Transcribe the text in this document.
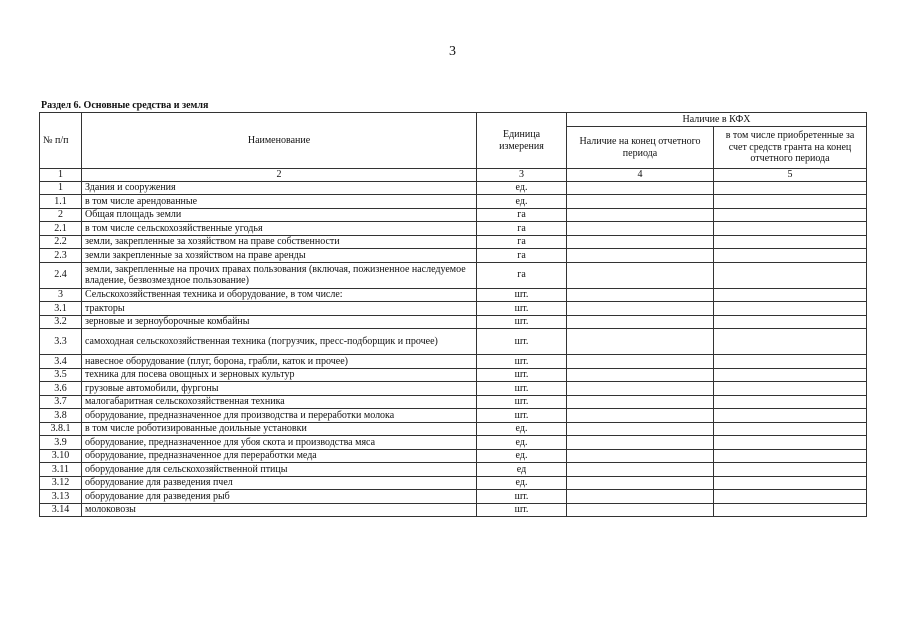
3
Раздел 6. Основные средства и земля
№ п/п	Наименование	Единица измерения	Наличие в КФХ	
			Наличие на конец отчетного периода	в том числе приобретенные за счет средств гранта на конец отчетного периода
1	2	3	4	5
1	Здания и сооружения	ед.		
1.1	в том числе арендованные	ед.		
2	Общая площадь земли	га		
2.1	в том числе сельскохозяйственные угодья	га		
2.2	земли, закрепленные за хозяйством на праве собственности	га		
2.3	земли закрепленные за хозяйством на праве аренды	га		
2.4	земли, закрепленные на прочих правах пользования (включая, пожизненное наследуемое владение, безвозмездное пользование)	га		
3	Сельскохозяйственная техника и оборудование, в том числе:	шт.		
3.1	тракторы	шт.		
3.2	зерновые и зерноуборочные комбайны	шт.		
3.3	самоходная сельскохозяйственная техника (погрузчик, пресс-подборщик и прочее)	шт.		
3.4	навесное оборудование (плуг, борона, грабли, каток и прочее)	шт.		
3.5	техника для посева овощных и зерновых культур	шт.		
3.6	грузовые автомобили, фургоны	шт.		
3.7	малогабаритная сельскохозяйственная техника	шт.		
3.8	оборудование, предназначенное для производства и переработки молока	шт.		
3.8.1	в том числе роботизированные доильные установки	ед.		
3.9	оборудование, предназначенное для убоя скота и производства мяса	ед.		
3.10	оборудование, предназначенное для переработки меда	ед.		
3.11	оборудование для сельскохозяйственной птицы	ед		
3.12	оборудование для разведения пчел	ед.		
3.13	оборудование для разведения рыб	шт.		
3.14	молоковозы	шт.		
